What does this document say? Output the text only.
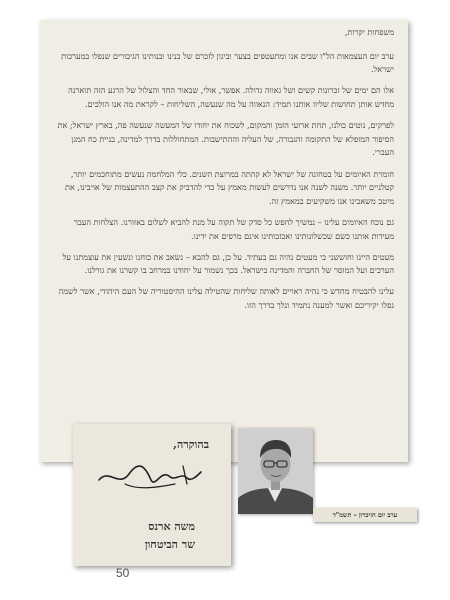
משפחות יקרות,

ערב יום העצמאות הל"ו שבים אנו ומתעטפים בצער וביגון לזכרם של בנינו ובנותינו הגיבורים שנפלו במערכות ישראל.

אלו הם ימים של זכרונות קשים ושל גאווה גדולה. אפשר, אולי, שבאור החד והצלול של הרגע הזה תוארנה מחדש אותן תחושות שליוו אותנו תמיד: הנאווה על מה שנעשה, השליחות – לקראת מה אנו הולכים.

לפרקים, נוטים כולנו, תחת ארועי הזמן והמקום, לשכוח את יחודו של המעשה שנעשה פה, בארץ ישראל; את הסיפור המופלא של התקומה והגבורה, של העליה וההתישבות. המתחוללות בדרך למדינה, בניית כח המגן העברי.

חומרת האיומים על בטחונה של ישראל לא קהתה במרוצת השנים. כלי המלחמה נעשים מתוחכמים יותר, קטלניים יותר. משנה לשנה אנו נדרשים לעשות מאמץ על כדי להדביק את קצב ההתעצמות של אויבינו, את מיטב משאבינו אנו משקיעים במאמץ זה.

גם נוכח האיומים עלינו – נמשיך לחפש כל סדק של תקוה על מנת להביא לשלום באזורנו. הצלחות העבר מעידות אותנו כשם שכשלונותינו ואכזבותינו אינם מרפים את ידינו.

מעטים היינו וחוששני כי מעטים נהיה גם בעתיד. על כן, גם להבא – נשאב את כוחנו ונשעין את עוצמתנו על הערכים ועל המוסר של החברה והמדינה בישראל. בכך נשמור על יחודנו במרחב בו קשרנו את גורלנו.

עלינו להבטיח מחדש כי נהיה ראויים לאותה שליחות שהטילה עלינו ההיסטוריה של העם היהודי, אשר לשמה נפלו יקיריכם ואשר למענה נתמיד ונלך בדרך הזו.

בהוקרה,
משה ארנס
שר הביטחון
ערב יום הזיכרון – תשמ"ד
50
